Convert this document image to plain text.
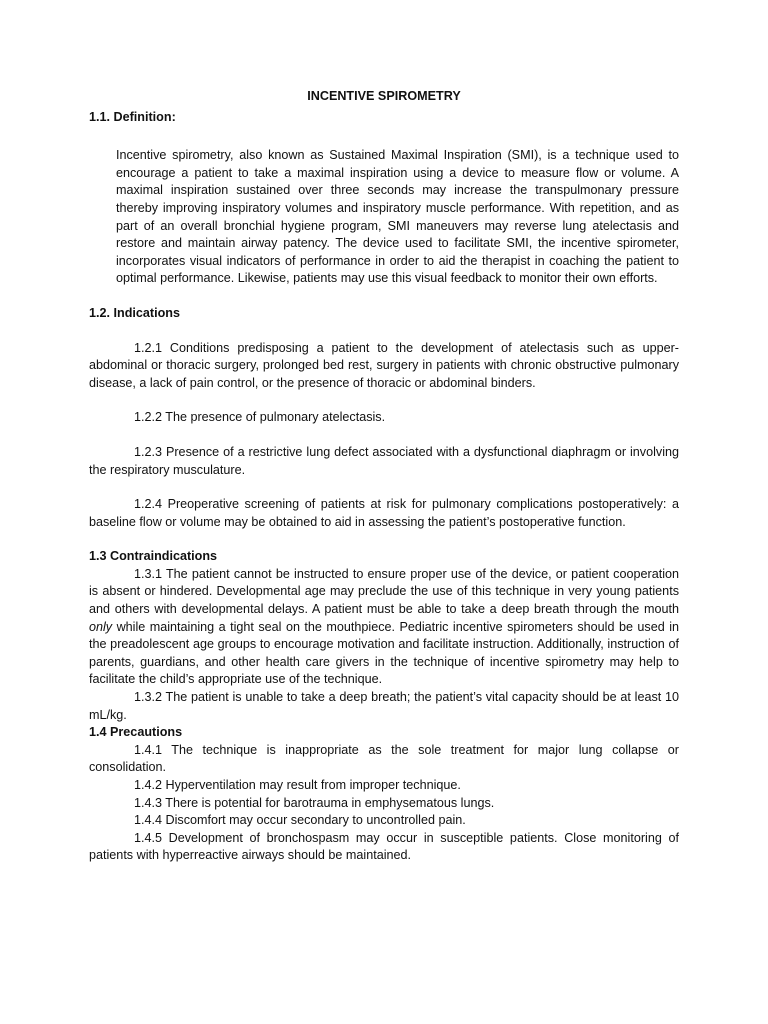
INCENTIVE SPIROMETRY
1.1. Definition:

Incentive spirometry, also known as Sustained Maximal Inspiration (SMI), is a technique used to encourage a patient to take a maximal inspiration using a device to measure flow or volume. A maximal inspiration sustained over three seconds may increase the transpulmonary pressure thereby improving inspiratory volumes and inspiratory muscle performance. With repetition, and as part of an overall bronchial hygiene program, SMI maneuvers may reverse lung atelectasis and restore and maintain airway patency. The device used to facilitate SMI, the incentive spirometer, incorporates visual indicators of performance in order to aid the therapist in coaching the patient to optimal performance. Likewise, patients may use this visual feedback to monitor their own efforts.

1.2. Indications

1.2.1 Conditions predisposing a patient to the development of atelectasis such as upper-abdominal or thoracic surgery, prolonged bed rest, surgery in patients with chronic obstructive pulmonary disease, a lack of pain control, or the presence of thoracic or abdominal binders.

1.2.2 The presence of pulmonary atelectasis.

1.2.3 Presence of a restrictive lung defect associated with a dysfunctional diaphragm or involving the respiratory musculature.

1.2.4 Preoperative screening of patients at risk for pulmonary complications postoperatively: a baseline flow or volume may be obtained to aid in assessing the patient’s postoperative function.

1.3 Contraindications

1.3.1 The patient cannot be instructed to ensure proper use of the device, or patient cooperation is absent or hindered. Developmental age may preclude the use of this technique in very young patients and others with developmental delays. A patient must be able to take a deep breath through the mouth only while maintaining a tight seal on the mouthpiece. Pediatric incentive spirometers should be used in the preadolescent age groups to encourage motivation and facilitate instruction. Additionally, instruction of parents, guardians, and other health care givers in the technique of incentive spirometry may help to facilitate the child’s appropriate use of the technique.

1.3.2 The patient is unable to take a deep breath; the patient’s vital capacity should be at least 10 mL/kg.

1.4 Precautions

1.4.1 The technique is inappropriate as the sole treatment for major lung collapse or consolidation.

1.4.2 Hyperventilation may result from improper technique.

1.4.3 There is potential for barotrauma in emphysematous lungs.

1.4.4 Discomfort may occur secondary to uncontrolled pain.

1.4.5 Development of bronchospasm may occur in susceptible patients. Close monitoring of patients with hyperreactive airways should be maintained.
